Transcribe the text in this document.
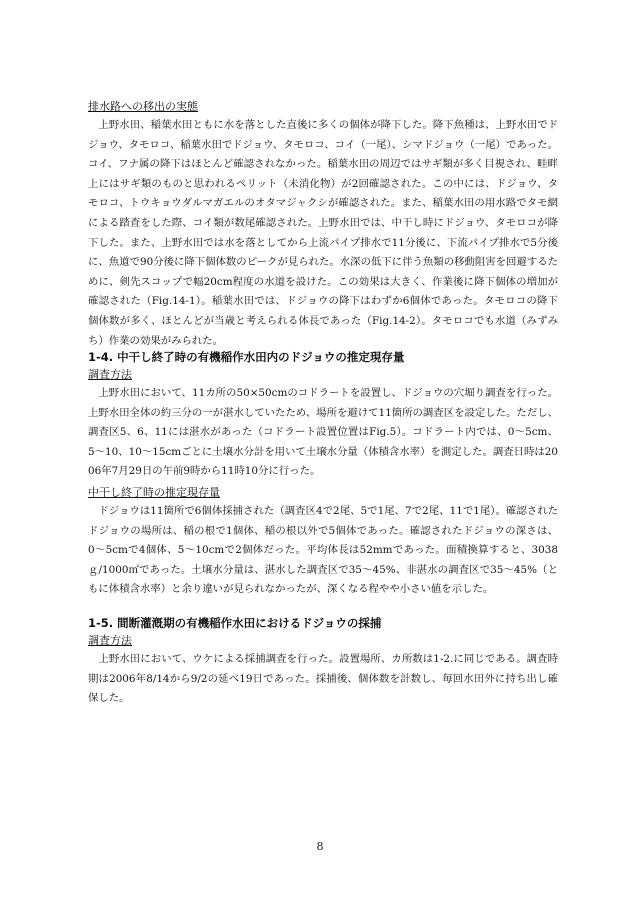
排水路への移出の実態

上野水田、稲葉水田ともに水を落とした直後に多くの個体が降下した。降下魚種は、上野水田でドジョウ、タモロコ、稲葉水田でドジョウ、タモロコ、コイ（一尾）、シマドジョウ（一尾）であった。コイ、フナ属の降下はほとんど確認されなかった。稲葉水田の周辺ではサギ類が多く目視され、畦畔上にはサギ類のものと思われるペリット（未消化物）が2回確認された。この中には、ドジョウ、タモロコ、トウキョウダルマガエルのオタマジャクシが確認された。また、稲葉水田の用水路でタモ網による踏査をした際、コイ類が数尾確認された。上野水田では、中干し時にドジョウ、タモロコが降下した。また、上野水田では水を落としてから上流パイプ排水で11分後に、下流パイプ排水で5分後に、魚道で90分後に降下個体数のピークが見られた。水深の低下に伴う魚類の移動阻害を回避するために、剣先スコップで幅20cm程度の水道を設けた。この効果は大きく、作業後に降下個体の増加が確認された（Fig.14-1）。稲葉水田では、ドジョウの降下はわずか6個体であった。タモロコの降下個体数が多く、ほとんどが当歳と考えられる体長であった（Fig.14-2）。タモロコでも水道（みずみち）作業の効果がみられた。

1-4. 中干し終了時の有機稲作水田内のドジョウの推定現存量
調査方法

上野水田において、11カ所の50×50cmのコドラートを設置し、ドジョウの穴堀り調査を行った。上野水田全体の約三分の一が湛水していたため、場所を避けて11箇所の調査区を設定した。ただし、調査区5、6、11には湛水があった（コドラート設置位置はFig.5）。コドラート内では、0〜5cm、5〜10、10〜15cmごとに土壌水分計を用いて土壌水分量（体積含水率）を測定した。調査日時は2006年7月29日の午前9時から11時10分に行った。

中干し終了時の推定現存量

ドジョウは11箇所で6個体採捕された（調査区4で2尾、5で1尾、7で2尾、11で1尾）。確認されたドジョウの場所は、稲の根で1個体、稲の根以外で5個体であった。確認されたドジョウの深さは、0〜5cmで4個体、5〜10cmで2個体だった。平均体長は52mmであった。面積換算すると、3038ｇ/1000㎡であった。土壌水分量は、湛水した調査区で35〜45%、非湛水の調査区で35〜45%（ともに体積含水率）と余り違いが見られなかったが、深くなる程やや小さい値を示した。

1-5. 間断灌漑期の有機稲作水田におけるドジョウの採捕
調査方法

上野水田において、ウケによる採捕調査を行った。設置場所、カ所数は1-2.に同じである。調査時期は2006年8/14から9/2の延べ19日であった。採捕後、個体数を計数し、毎回水田外に持ち出し確保した。

8
